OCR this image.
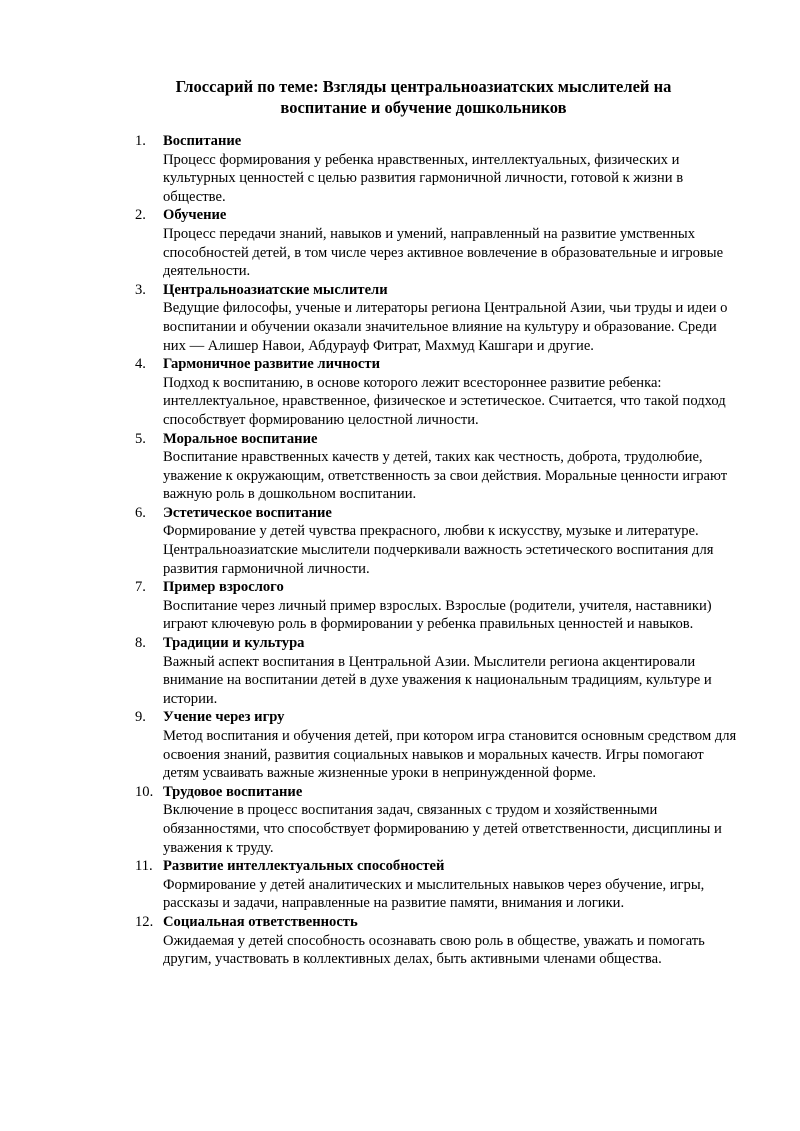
Глоссарий по теме: Взгляды центральноазиатских мыслителей на
воспитание и обучение дошкольников
1.	Воспитание
Процесс формирования у ребенка нравственных, интеллектуальных, физических и культурных ценностей с целью развития гармоничной личности, готовой к жизни в обществе.
2.	Обучение
Процесс передачи знаний, навыков и умений, направленный на развитие умственных способностей детей, в том числе через активное вовлечение в образовательные и игровые деятельности.
3.	Центральноазиатские мыслители
Ведущие философы, ученые и литераторы региона Центральной Азии, чьи труды и идеи о воспитании и обучении оказали значительное влияние на культуру и образование. Среди них — Алишер Навои, Абдурауф Фитрат, Махмуд Кашгари и другие.
4.	Гармоничное развитие личности
Подход к воспитанию, в основе которого лежит всестороннее развитие ребенка: интеллектуальное, нравственное, физическое и эстетическое. Считается, что такой подход способствует формированию целостной личности.
5.	Моральное воспитание
Воспитание нравственных качеств у детей, таких как честность, доброта, трудолюбие, уважение к окружающим, ответственность за свои действия. Моральные ценности играют важную роль в дошкольном воспитании.
6.	Эстетическое воспитание
Формирование у детей чувства прекрасного, любви к искусству, музыке и литературе. Центральноазиатские мыслители подчеркивали важность эстетического воспитания для развития гармоничной личности.
7.	Пример взрослого
Воспитание через личный пример взрослых. Взрослые (родители, учителя, наставники) играют ключевую роль в формировании у ребенка правильных ценностей и навыков.
8.	Традиции и культура
Важный аспект воспитания в Центральной Азии. Мыслители региона акцентировали внимание на воспитании детей в духе уважения к национальным традициям, культуре и истории.
9.	Учение через игру
Метод воспитания и обучения детей, при котором игра становится основным средством для освоения знаний, развития социальных навыков и моральных качеств. Игры помогают детям усваивать важные жизненные уроки в непринужденной форме.
10. Трудовое воспитание
Включение в процесс воспитания задач, связанных с трудом и хозяйственными обязанностями, что способствует формированию у детей ответственности, дисциплины и уважения к труду.
11. Развитие интеллектуальных способностей
Формирование у детей аналитических и мыслительных навыков через обучение, игры, рассказы и задачи, направленные на развитие памяти, внимания и логики.
12. Социальная ответственность
Ожидаемая у детей способность осознавать свою роль в обществе, уважать и помогать другим, участвовать в коллективных делах, быть активными членами общества.
